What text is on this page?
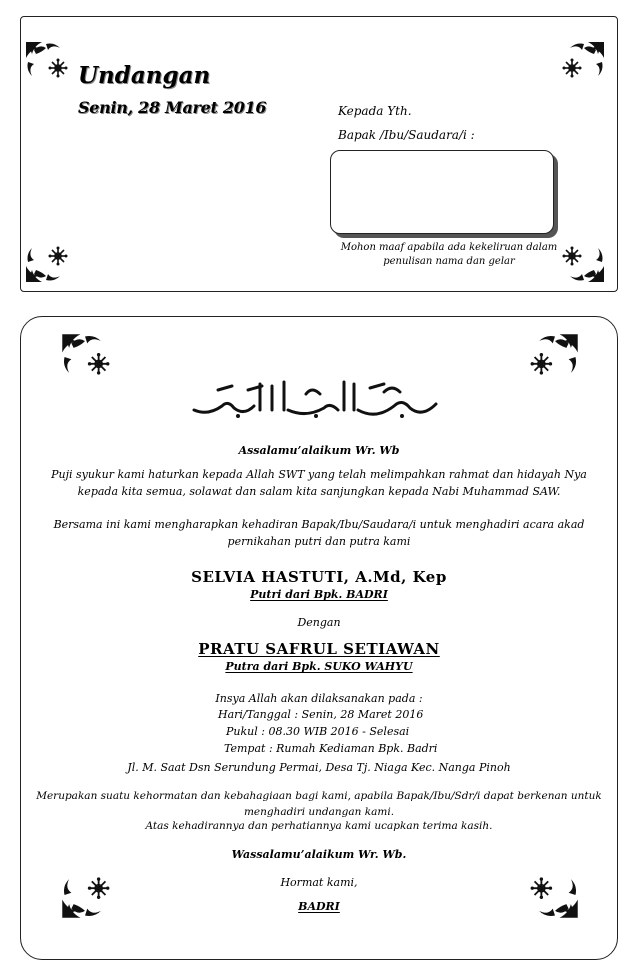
Undangan
Senin, 28 Maret 2016	Kepada Yth.
Bapak /Ibu/Saudara/i :
Mohon maaf apabila ada kekeliruan dalam
penulisan nama dan gelar
Assalamu’alaikum Wr. Wb
Puji syukur kami haturkan kepada Allah SWT yang telah melimpahkan rahmat dan hidayah Nya
kepada kita semua, solawat dan salam kita sanjungkan kepada Nabi Muhammad SAW.
Bersama ini kami mengharapkan kehadiran Bapak/Ibu/Saudara/i untuk menghadiri acara akad
pernikahan putri dan putra kami
SELVIA HASTUTI, A.Md, Kep
Putri dari Bpk. BADRI
Dengan
PRATU SAFRUL SETIAWAN
Putra dari Bpk. SUKO WAHYU
Insya Allah akan dilaksanakan pada :
Hari/Tanggal : Senin, 28 Maret 2016
Pukul : 08.30 WIB 2016 - Selesai
Tempat : Rumah Kediaman Bpk. Badri
Jl. M. Saat Dsn Serundung Permai, Desa Tj. Niaga Kec. Nanga Pinoh
Merupakan suatu kehormatan dan kebahagiaan bagi kami, apabila Bapak/Ibu/Sdr/i dapat berkenan untuk
menghadiri undangan kami.
Atas kehadirannya dan perhatiannya kami ucapkan terima kasih.
Wassalamu’alaikum Wr. Wb.
Hormat kami,
BADRI
